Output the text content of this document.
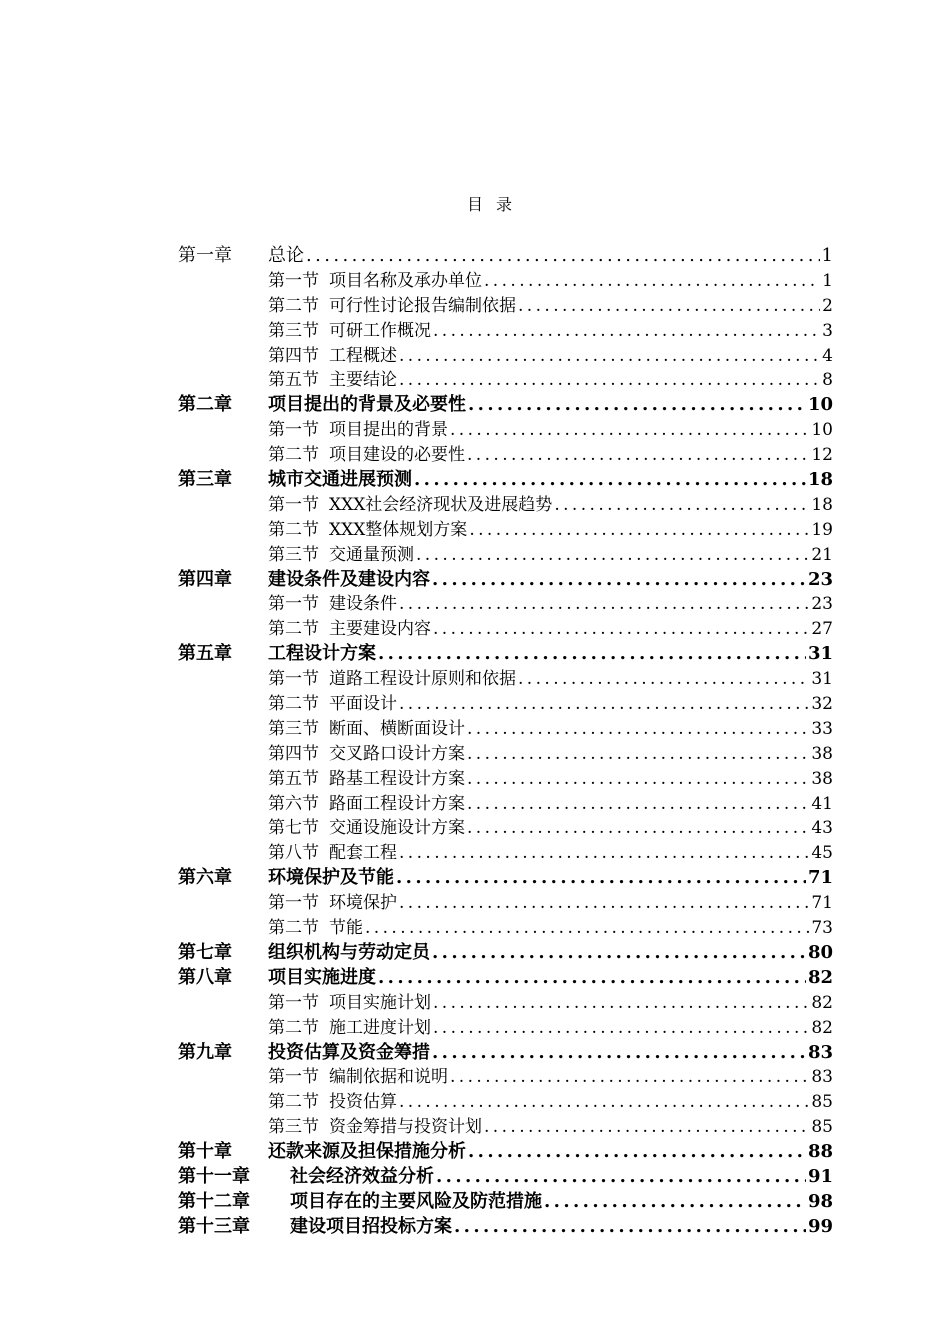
目 录
第一章	总论 .....	1
第一节 项目名称及承办单位 .....	1
第二节 可行性讨论报告编制依据 .....	2
第三节 可研工作概况 .....	3
第四节 工程概述 .....	4
第五节 主要结论 .....	8
第二章	项目提出的背景及必要性 .....	10
第一节 项目提出的背景 .....	10
第二节 项目建设的必要性 .....	12
第三章	城市交通进展预测 .....	18
第一节 XXX社会经济现状及进展趋势 .....	18
第二节 XXX整体规划方案 .....	19
第三节 交通量预测 .....	21
第四章	建设条件及建设内容 .....	23
第一节 建设条件 .....	23
第二节 主要建设内容 .....	27
第五章	工程设计方案 .....	31
第一节 道路工程设计原则和依据 .....	31
第二节 平面设计 .....	32
第三节 断面、横断面设计 .....	33
第四节 交叉路口设计方案 .....	38
第五节 路基工程设计方案 .....	38
第六节 路面工程设计方案 .....	41
第七节 交通设施设计方案 .....	43
第八节 配套工程 .....	45
第六章	环境保护及节能 .....	71
第一节 环境保护 .....	71
第二节 节能 .....	73
第七章	组织机构与劳动定员 .....	80
第八章	项目实施进度 .....	82
第一节 项目实施计划 .....	82
第二节 施工进度计划 .....	82
第九章	投资估算及资金筹措 .....	83
第一节 编制依据和说明 .....	83
第二节 投资估算 .....	85
第三节 资金筹措与投资计划 .....	85
第十章	还款来源及担保措施分析 .....	88
第十一章	社会经济效益分析 .....	91
第十二章	项目存在的主要风险及防范措施 .....	98
第十三章	建设项目招投标方案 .....	99
